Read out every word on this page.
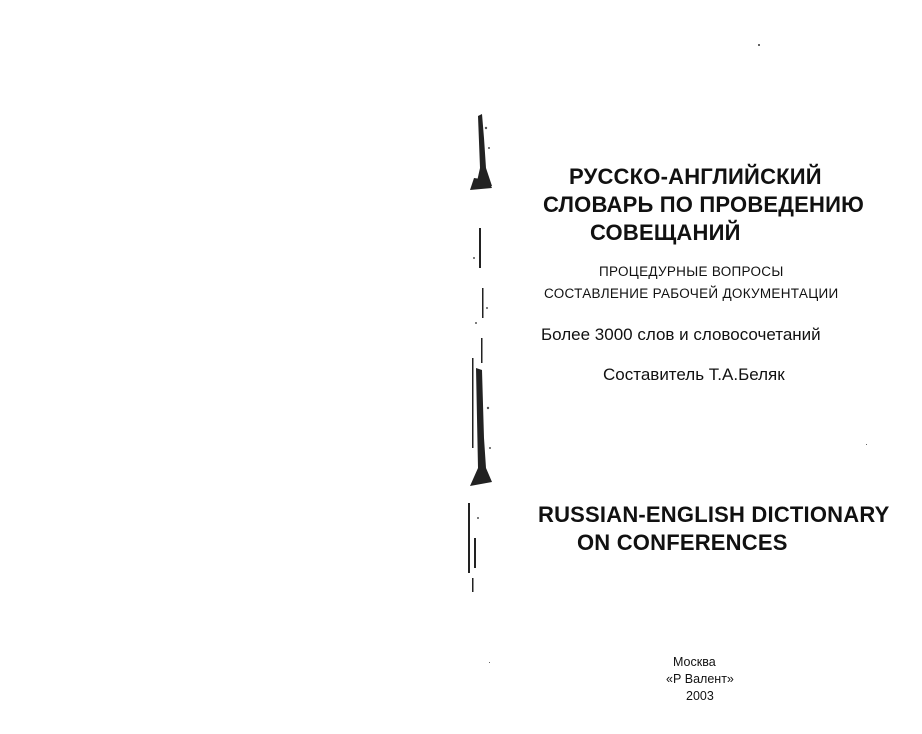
РУССКО-АНГЛИЙСКИЙ
СЛОВАРЬ ПО ПРОВЕДЕНИЮ
СОВЕЩАНИЙ
ПРОЦЕДУРНЫЕ ВОПРОСЫ
СОСТАВЛЕНИЕ РАБОЧЕЙ ДОКУМЕНТАЦИИ
Более 3000 слов и словосочетаний
Составитель Т.А.Беляк
RUSSIAN-ENGLISH DICTIONARY
ON CONFERENCES
Москва
«Р Валент»
2003
